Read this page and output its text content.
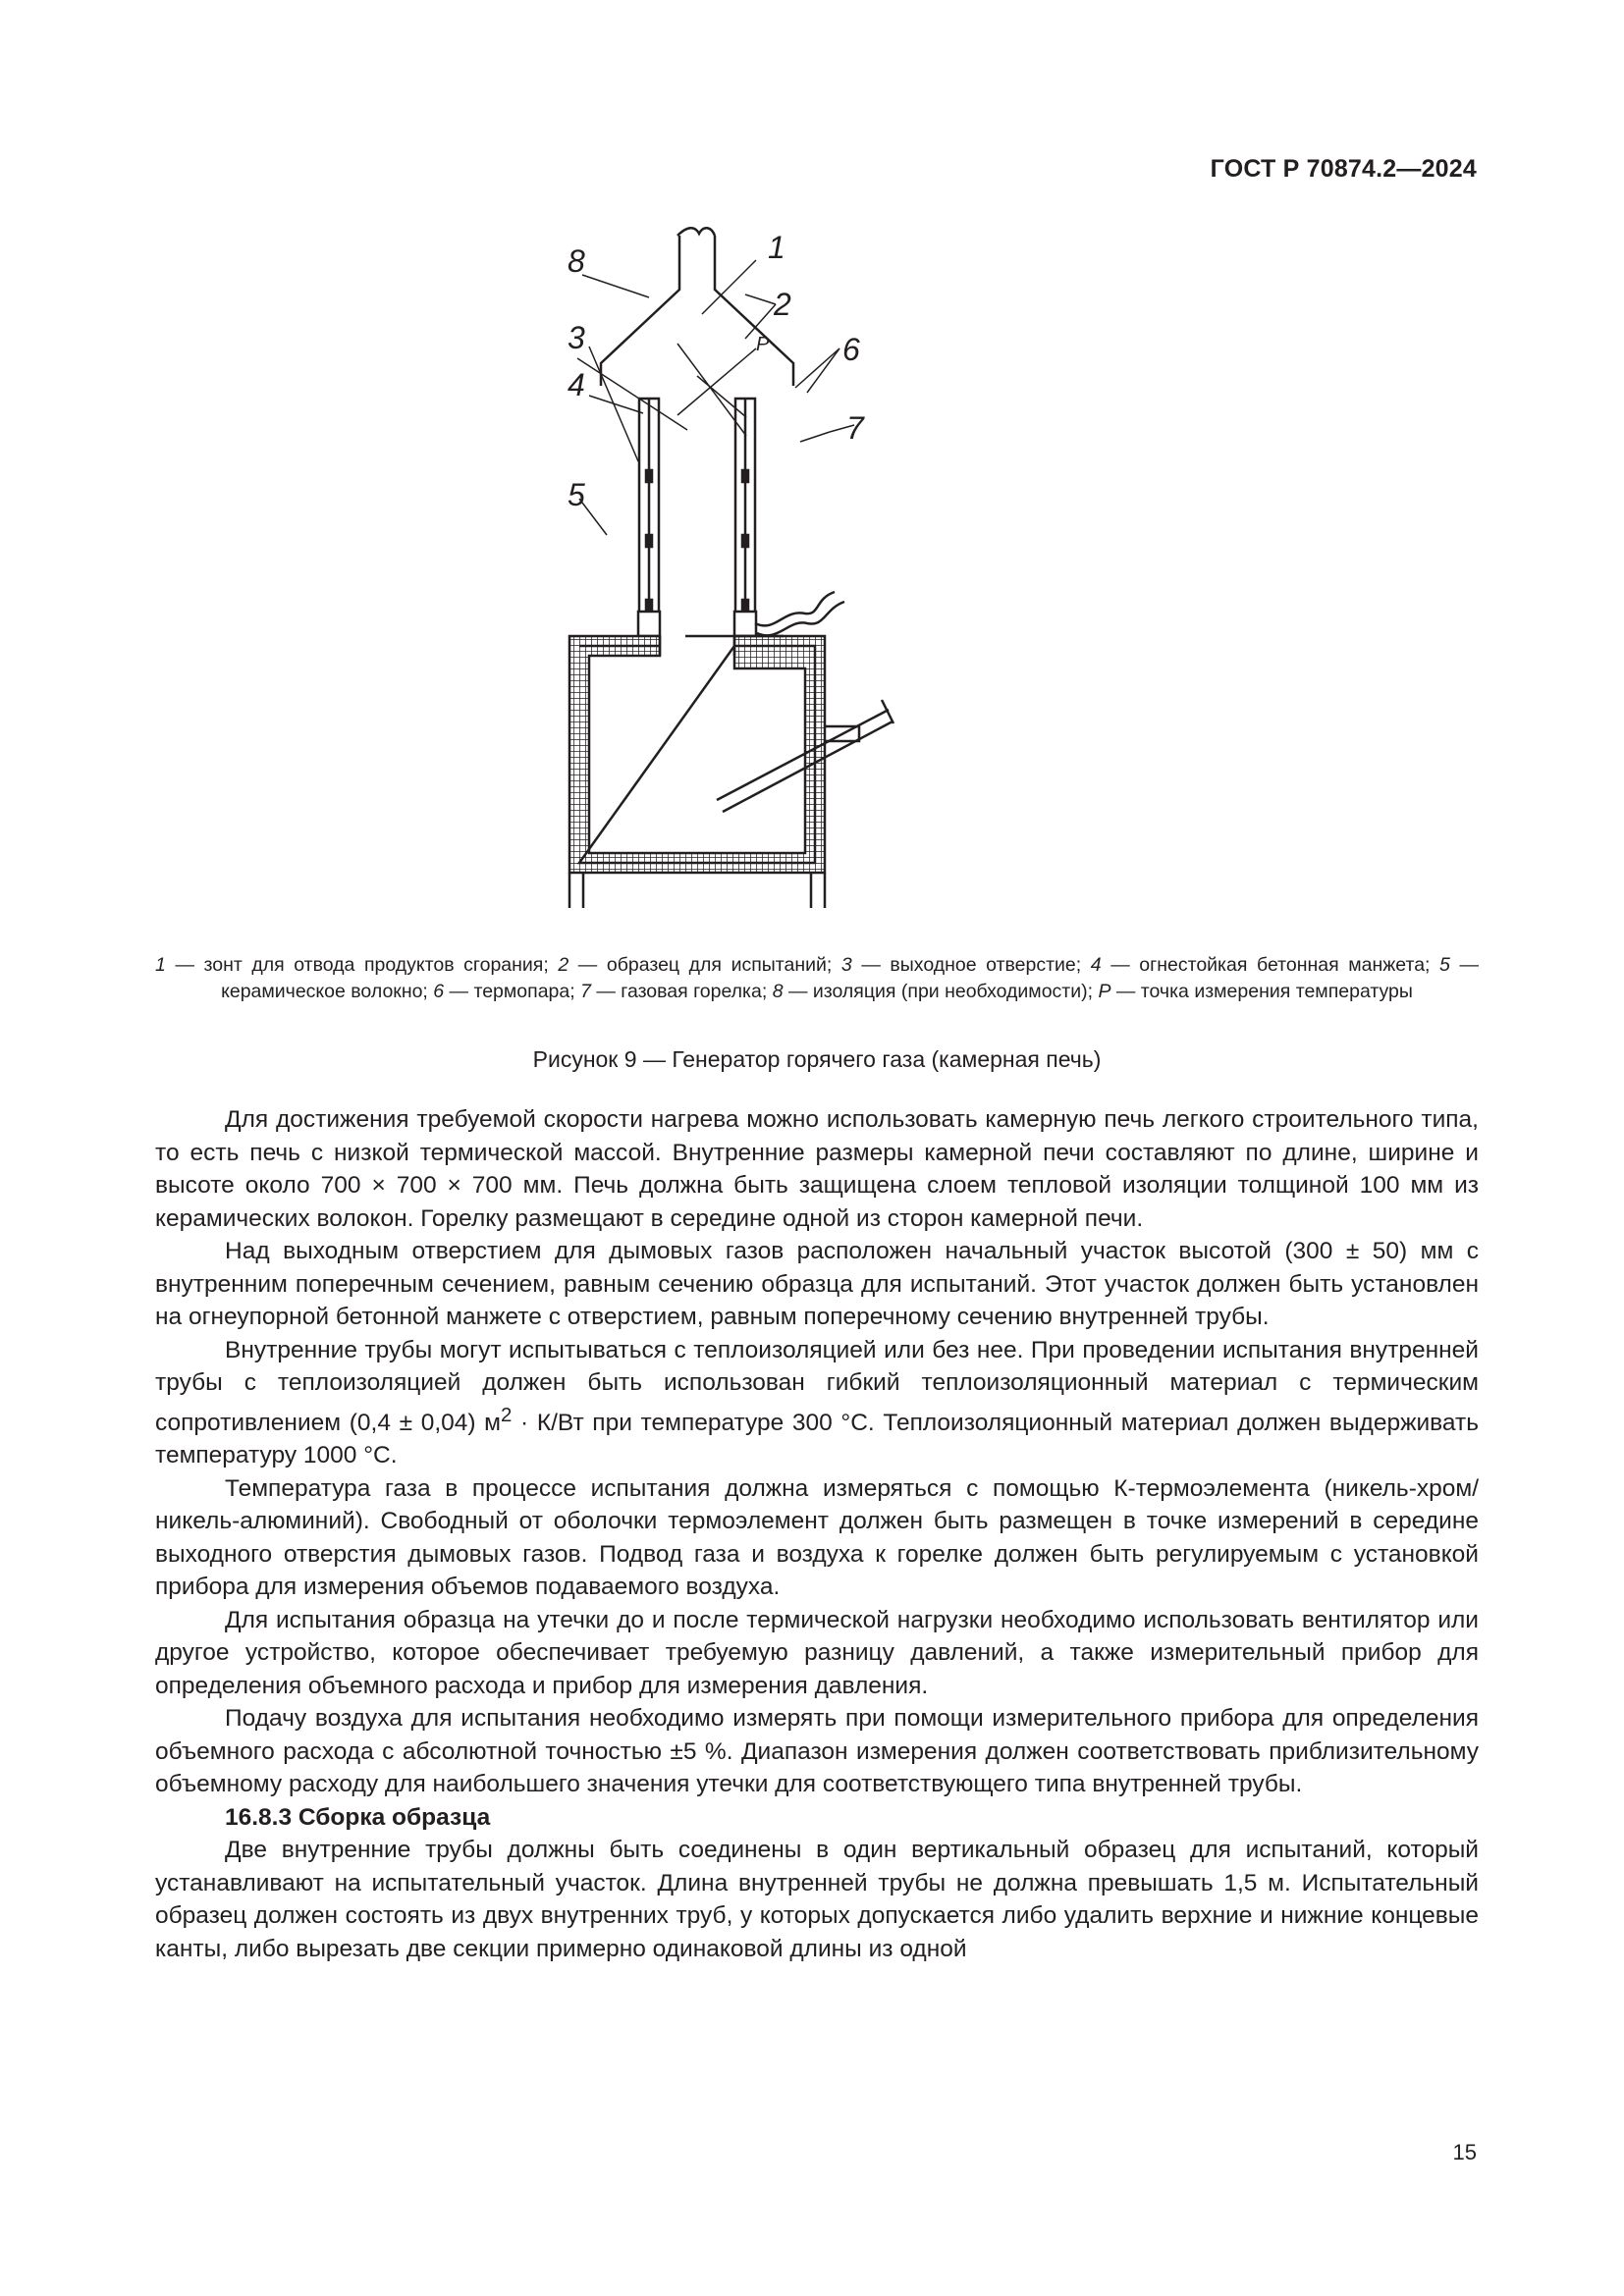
ГОСТ Р 70874.2—2024
1
2
3
4
5
6
7
8
P
1 — зонт для отвода продуктов сгорания; 2 — образец для испытаний; 3 — выходное отверстие; 4 — огнестойкая бетонная манжета; 5 — керамическое волокно; 6 — термопара; 7 — газовая горелка; 8 — изоляция (при необходимости); Р — точка измерения температуры
Рисунок 9 — Генератор горячего газа (камерная печь)

Для достижения требуемой скорости нагрева можно использовать камерную печь легкого строительного типа, то есть печь с низкой термической массой. Внутренние размеры камерной печи составляют по длине, ширине и высоте около 700 × 700 × 700 мм. Печь должна быть защищена слоем тепловой изоляции толщиной 100 мм из керамических волокон. Горелку размещают в середине одной из сторон камерной печи.

Над выходным отверстием для дымовых газов расположен начальный участок высотой (300 ± 50) мм с внутренним поперечным сечением, равным сечению образца для испытаний. Этот участок должен быть установлен на огнеупорной бетонной манжете с отверстием, равным поперечному сечению внутренней трубы.

Внутренние трубы могут испытываться с теплоизоляцией или без нее. При проведении испытания внутренней трубы с теплоизоляцией должен быть использован гибкий теплоизоляционный материал с термическим сопротивлением (0,4 ± 0,04) $м^2 \cdot К/Вт$ при температуре 300 °С. Теплоизоляционный материал должен выдерживать температуру 1000 °С.

Температура газа в процессе испытания должна измеряться с помощью К-термоэлемента (никель-хром/никель-алюминий). Свободный от оболочки термоэлемент должен быть размещен в точке измерений в середине выходного отверстия дымовых газов. Подвод газа и воздуха к горелке должен быть регулируемым с установкой прибора для измерения объемов подаваемого воздуха.

Для испытания образца на утечки до и после термической нагрузки необходимо использовать вентилятор или другое устройство, которое обеспечивает требуемую разницу давлений, а также измерительный прибор для определения объемного расхода и прибор для измерения давления.

Подачу воздуха для испытания необходимо измерять при помощи измерительного прибора для определения объемного расхода с абсолютной точностью ±5 %. Диапазон измерения должен соответствовать приблизительному объемному расходу для наибольшего значения утечки для соответствующего типа внутренней трубы.

16.8.3 Сборка образца

Две внутренние трубы должны быть соединены в один вертикальный образец для испытаний, который устанавливают на испытательный участок. Длина внутренней трубы не должна превышать 1,5 м. Испытательный образец должен состоять из двух внутренних труб, у которых допускается либо удалить верхние и нижние концевые канты, либо вырезать две секции примерно одинаковой длины из одной

15
